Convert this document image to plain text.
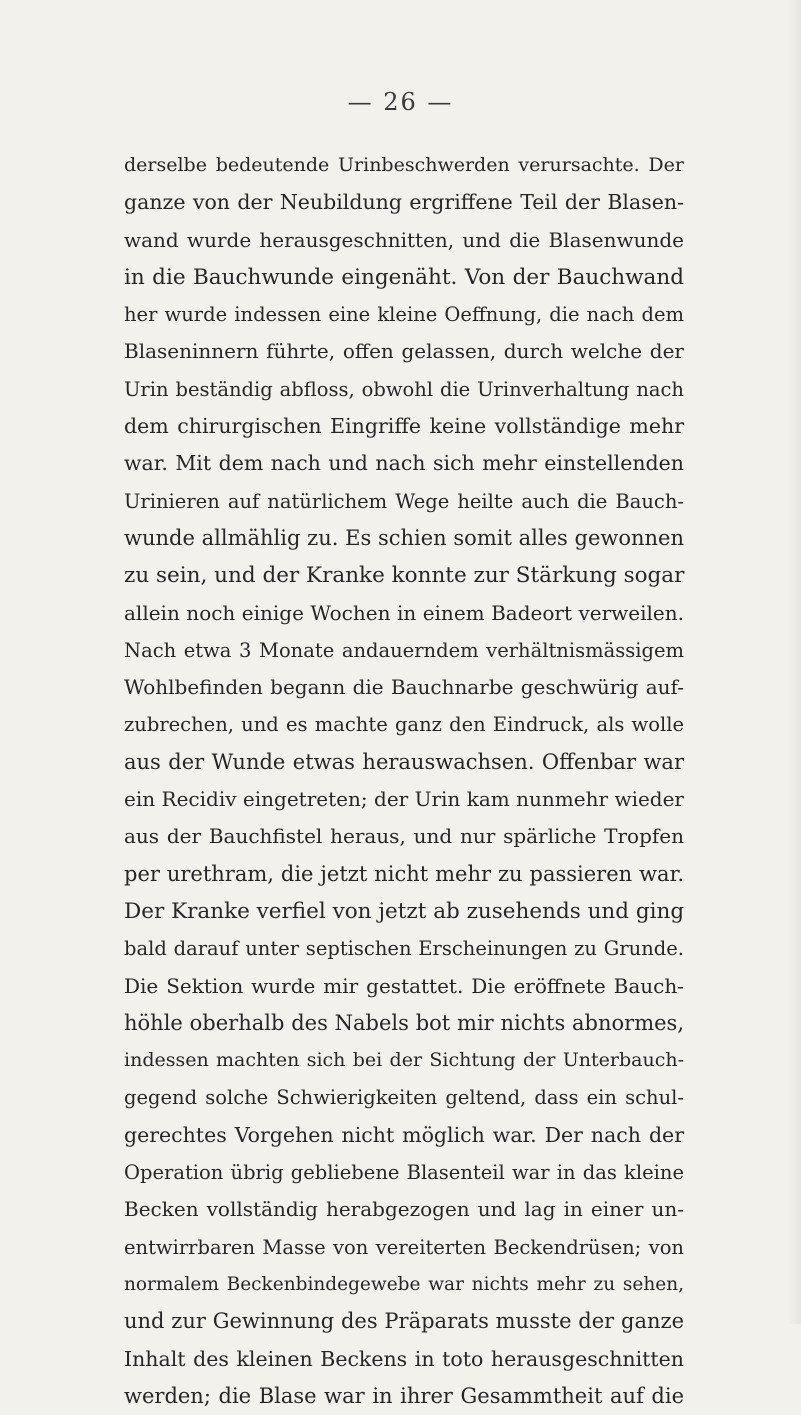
— 26 —
derselbe bedeutende Urinbeschwerden verursachte. Der
ganze von der Neubildung ergriffene Teil der Blasen-
wand wurde herausgeschnitten, und die Blasenwunde
in die Bauchwunde eingenäht. Von der Bauchwand
her wurde indessen eine kleine Oeffnung, die nach dem
Blaseninnern führte, offen gelassen, durch welche der
Urin beständig abfloss, obwohl die Urinverhaltung nach
dem chirurgischen Eingriffe keine vollständige mehr
war. Mit dem nach und nach sich mehr einstellenden
Urinieren auf natürlichem Wege heilte auch die Bauch-
wunde allmählig zu. Es schien somit alles gewonnen
zu sein, und der Kranke konnte zur Stärkung sogar
allein noch einige Wochen in einem Badeort verweilen.
Nach etwa 3 Monate andauerndem verhältnismässigem
Wohlbefinden begann die Bauchnarbe geschwürig auf-
zubrechen, und es machte ganz den Eindruck, als wolle
aus der Wunde etwas herauswachsen. Offenbar war
ein Recidiv eingetreten; der Urin kam nunmehr wieder
aus der Bauchfistel heraus, und nur spärliche Tropfen
per urethram, die jetzt nicht mehr zu passieren war.
Der Kranke verfiel von jetzt ab zusehends und ging
bald darauf unter septischen Erscheinungen zu Grunde.
Die Sektion wurde mir gestattet. Die eröffnete Bauch-
höhle oberhalb des Nabels bot mir nichts abnormes,
indessen machten sich bei der Sichtung der Unterbauch-
gegend solche Schwierigkeiten geltend, dass ein schul-
gerechtes Vorgehen nicht möglich war. Der nach der
Operation übrig gebliebene Blasenteil war in das kleine
Becken vollständig herabgezogen und lag in einer un-
entwirrbaren Masse von vereiterten Beckendrüsen; von
normalem Beckenbindegewebe war nichts mehr zu sehen,
und zur Gewinnung des Präparats musste der ganze
Inhalt des kleinen Beckens in toto herausgeschnitten
werden; die Blase war in ihrer Gesammtheit auf die
